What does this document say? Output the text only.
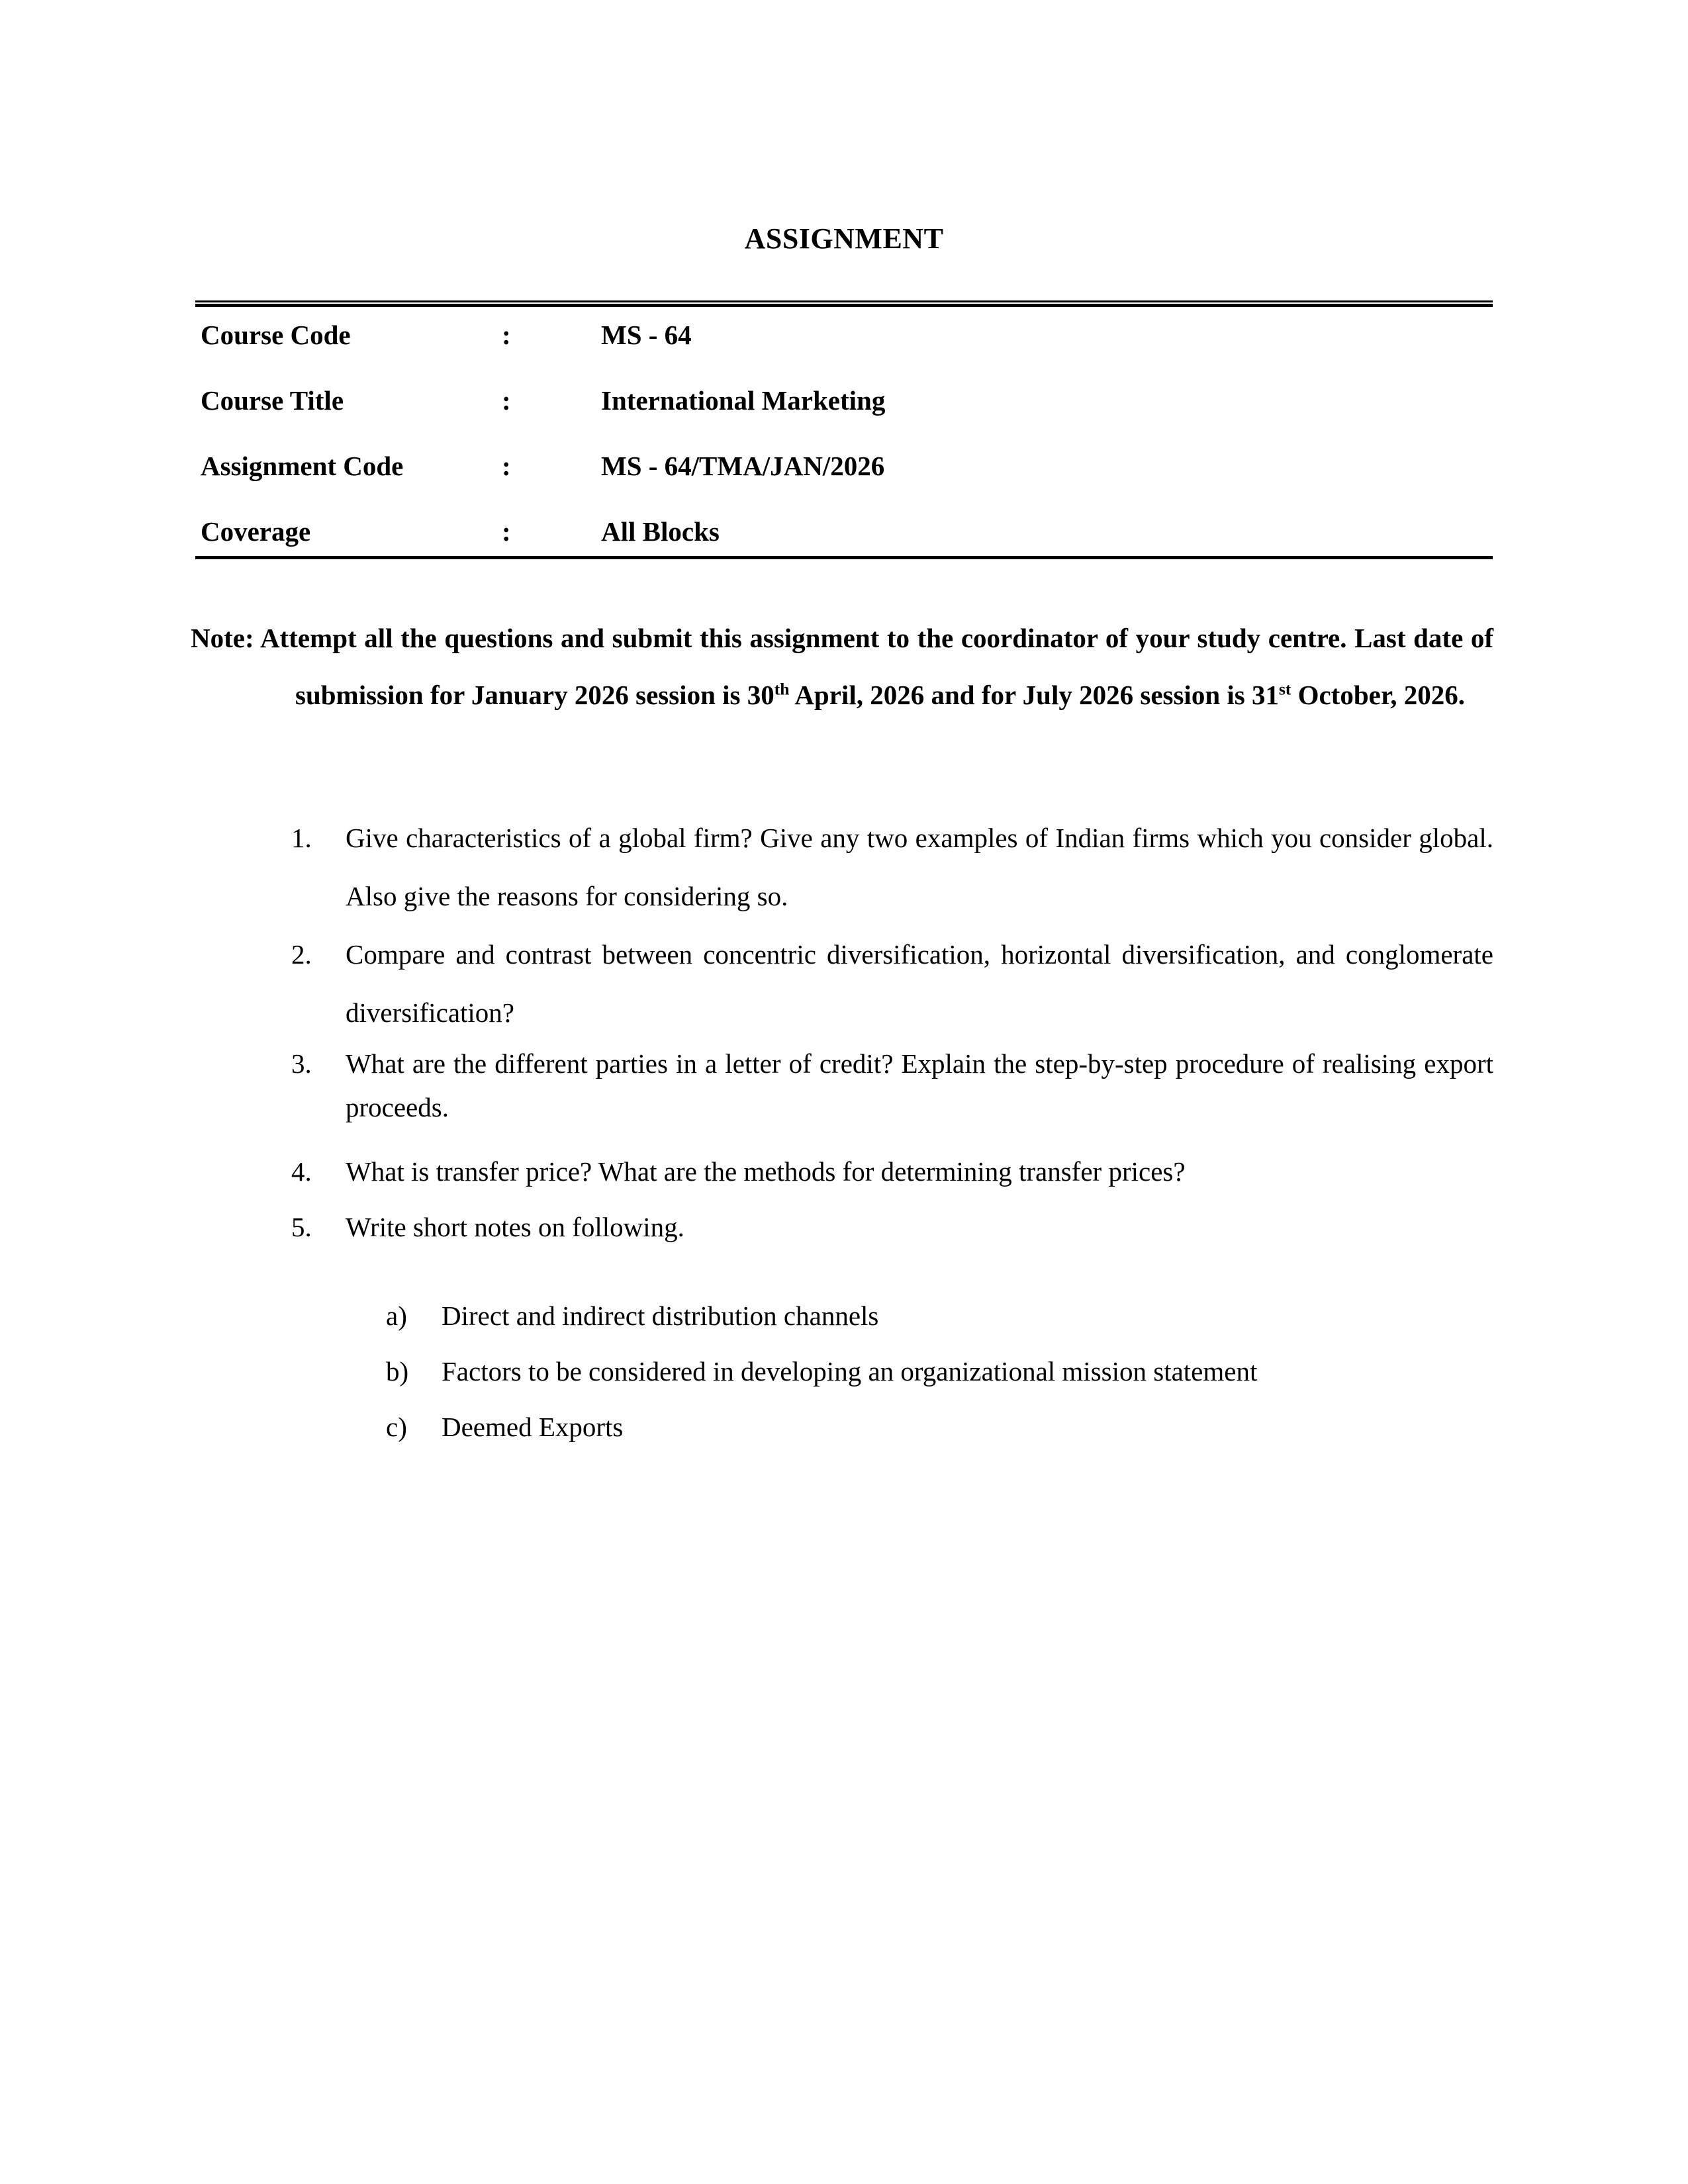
ASSIGNMENT
Course Code	:	MS - 64
Course Title	:	International Marketing
Assignment Code	:	MS - 64/TMA/JAN/2026
Coverage	:	All Blocks

Note: Attempt all the questions and submit this assignment to the coordinator of your study centre. Last date of submission for January 2026 session is 30th April, 2026 and for July 2026 session is 31st October, 2026.

1.	Give characteristics of a global firm? Give any two examples of Indian firms which you consider global. Also give the reasons for considering so.
2.	Compare and contrast between concentric diversification, horizontal diversification, and conglomerate diversification?
3.	What are the different parties in a letter of credit? Explain the step-by-step procedure of realising export proceeds.
4.	What is transfer price? What are the methods for determining transfer prices?
5.	Write short notes on following.
a)	Direct and indirect distribution channels
b)	Factors to be considered in developing an organizational mission statement
c)	Deemed Exports
